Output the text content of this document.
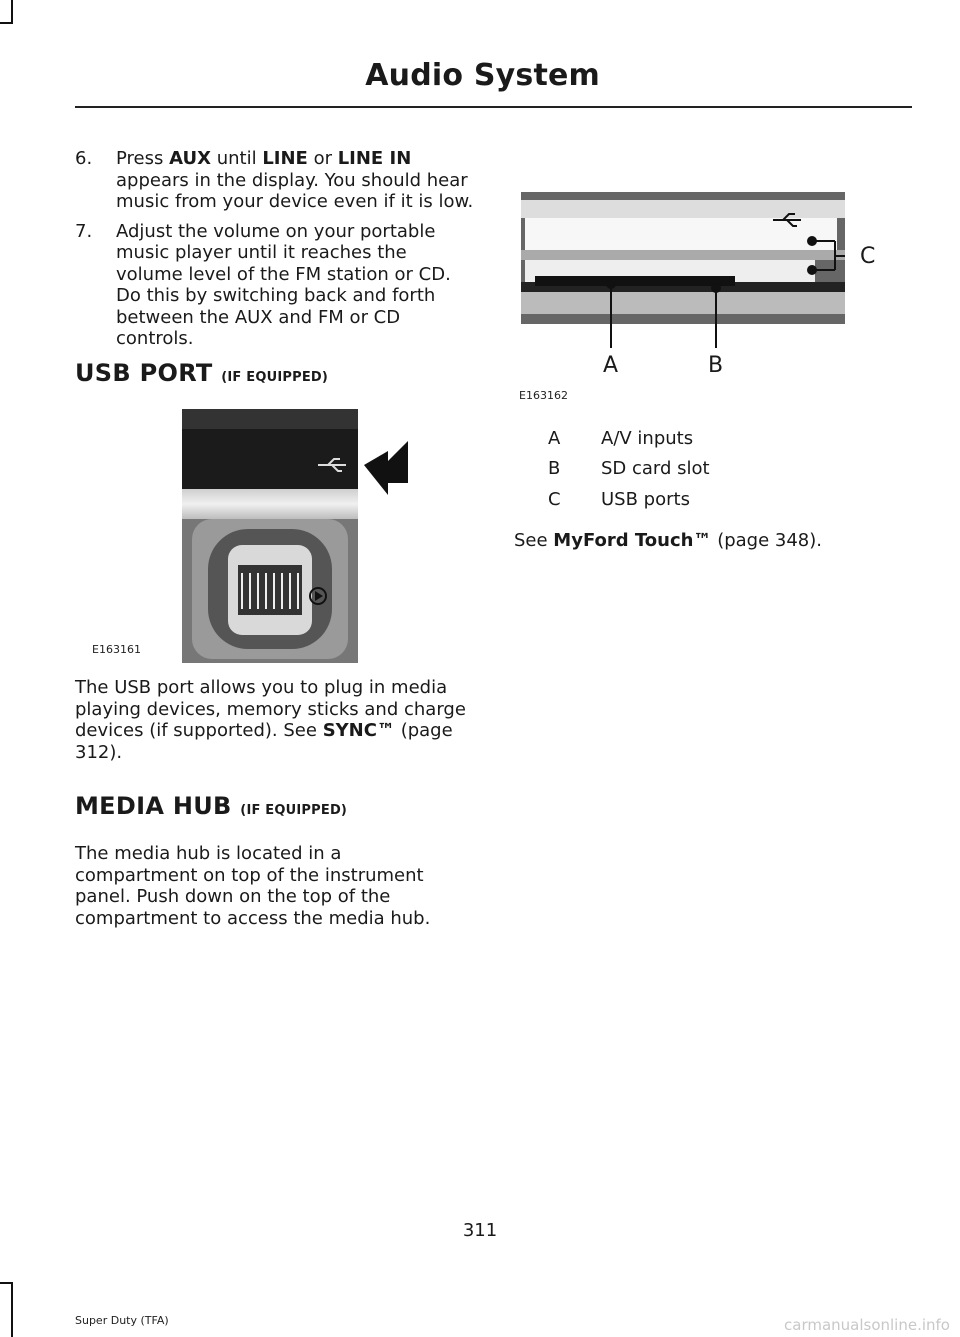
Audio System
6. Press AUX until LINE or LINE IN appears in the display. You should hear music from your device even if it is low.
7. Adjust the volume on your portable music player until it reaches the volume level of the FM station or CD. Do this by switching back and forth between the AUX and FM or CD controls.
USB PORT (IF EQUIPPED)
E163161
The USB port allows you to plug in media playing devices, memory sticks and charge devices (if supported). See SYNC™ (page 312).
MEDIA HUB (IF EQUIPPED)
The media hub is located in a compartment on top of the instrument panel. Push down on the top of the compartment to access the media hub.
C
A	B
E163162
A A/V inputs
B SD card slot
C USB ports
See MyFord Touch™ (page 348).
311
Super Duty (TFA)	carmanualsonline.info
